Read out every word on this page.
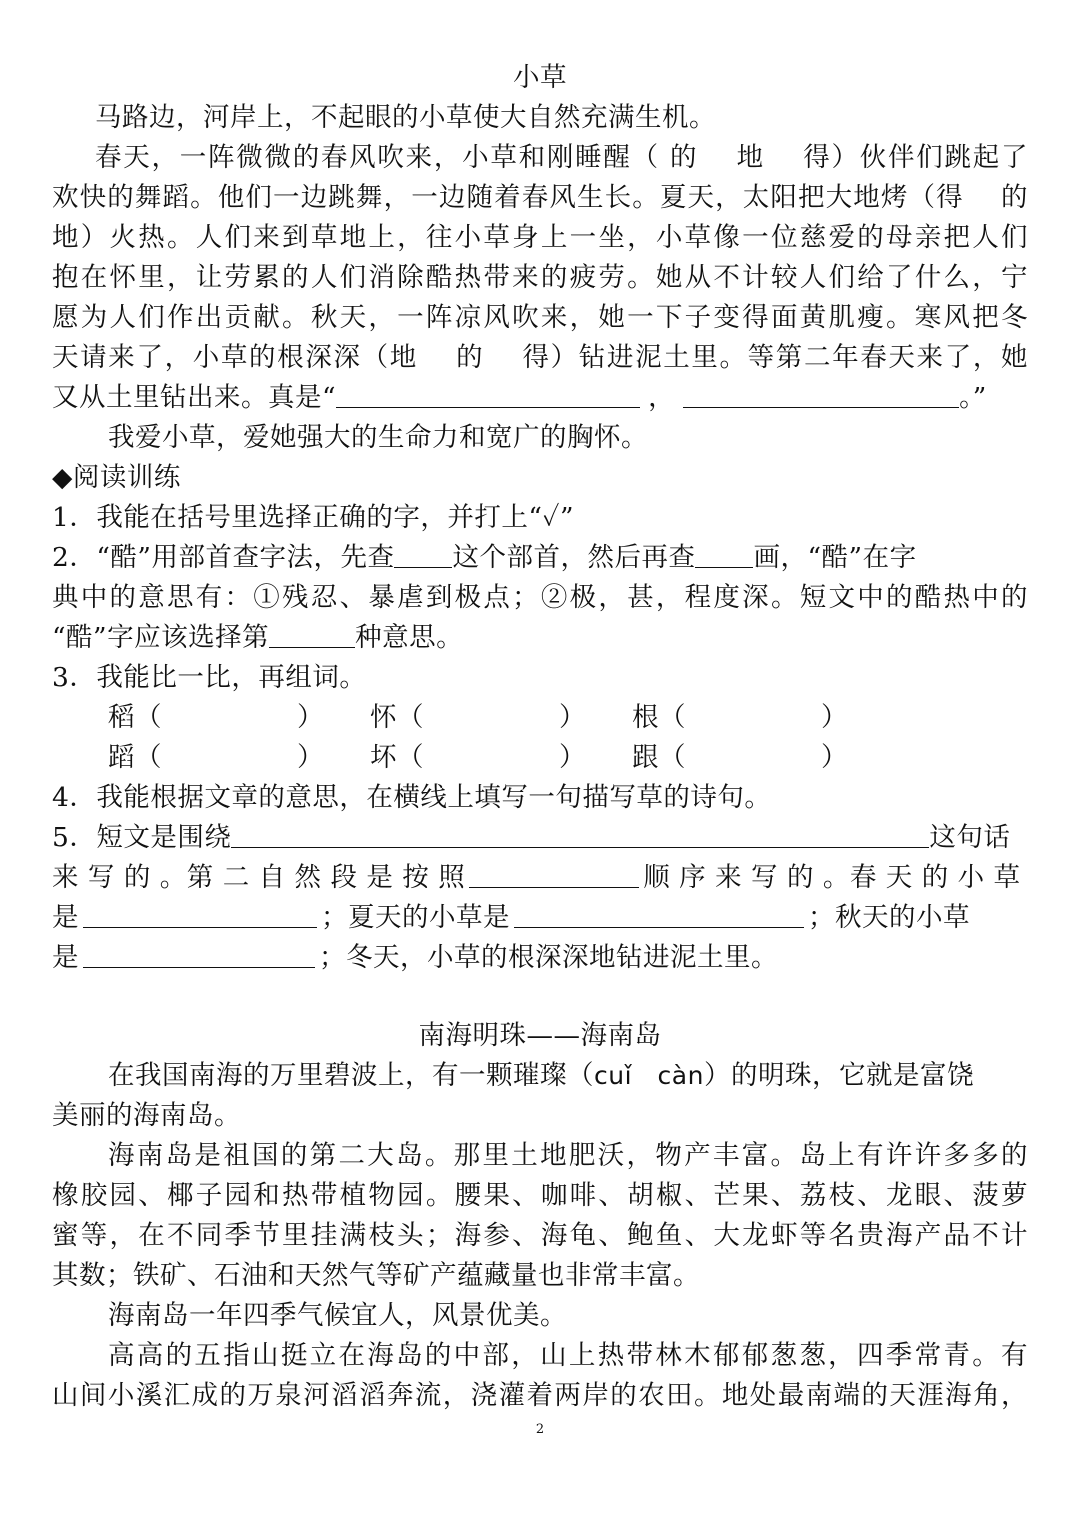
小草
马路边，河岸上，不起眼的小草使大自然充满生机。
春天，一阵微微的春风吹来，小草和刚睡醒（ 的　 地 　得）伙伴们跳起了
欢快的舞蹈。他们一边跳舞，一边随着春风生长。夏天，太阳把大地烤（得 　的
地）火热。人们来到草地上，往小草身上一坐，小草像一位慈爱的母亲把人们
抱在怀里，让劳累的人们消除酷热带来的疲劳。她从不计较人们给了什么，宁
愿为人们作出贡献。秋天，一阵凉风吹来，她一下子变得面黄肌瘦。寒风把冬
天请来了，小草的根深深（地　 的 　得）钻进泥土里。等第二年春天来了，她
又从土里钻出来。真是“	，	。”
我爱小草，爱她强大的生命力和宽广的胸怀。
◆阅读训练
1．我能在括号里选择正确的字，并打上“✓”
2．“酷”用部首查字法，先查 这个部首，然后再查 画，“酷”在字
典中的意思有：①残忍、暴虐到极点；②极，甚，程度深。短文中的酷热中的
“酷”字应该选择第	种意思。
3．我能比一比，再组词。
稻（　　　　　） 怀（　　　　　） 根（　　　　　）
蹈（　　　　　） 坏（　　　　　） 跟（　　　　　）
4．我能根据文章的意思，在横线上填写一句描写草的诗句。
5．短文是围绕	这句话
来 写 的 。第 二 自 然 段 是 按 照	顺 序 来 写 的 。春 天 的 小 草
是	；夏天的小草是	；秋天的小草
是	；冬天，小草的根深深地钻进泥土里。
南海明珠——海南岛
在我国南海的万里碧波上，有一颗璀璨（cuǐ　càn）的明珠，它就是富饶
美丽的海南岛。
海南岛是祖国的第二大岛。那里土地肥沃，物产丰富。岛上有许许多多的
橡胶园、椰子园和热带植物园。腰果、咖啡、胡椒、芒果、荔枝、龙眼、菠萝
蜜等，在不同季节里挂满枝头；海参、海龟、鲍鱼、大龙虾等名贵海产品不计
其数；铁矿、石油和天然气等矿产蕴藏量也非常丰富。
海南岛一年四季气候宜人，风景优美。
高高的五指山挺立在海岛的中部，山上热带林木郁郁葱葱，四季常青。有
山间小溪汇成的万泉河滔滔奔流，浇灌着两岸的农田。地处最南端的天涯海角，
2
